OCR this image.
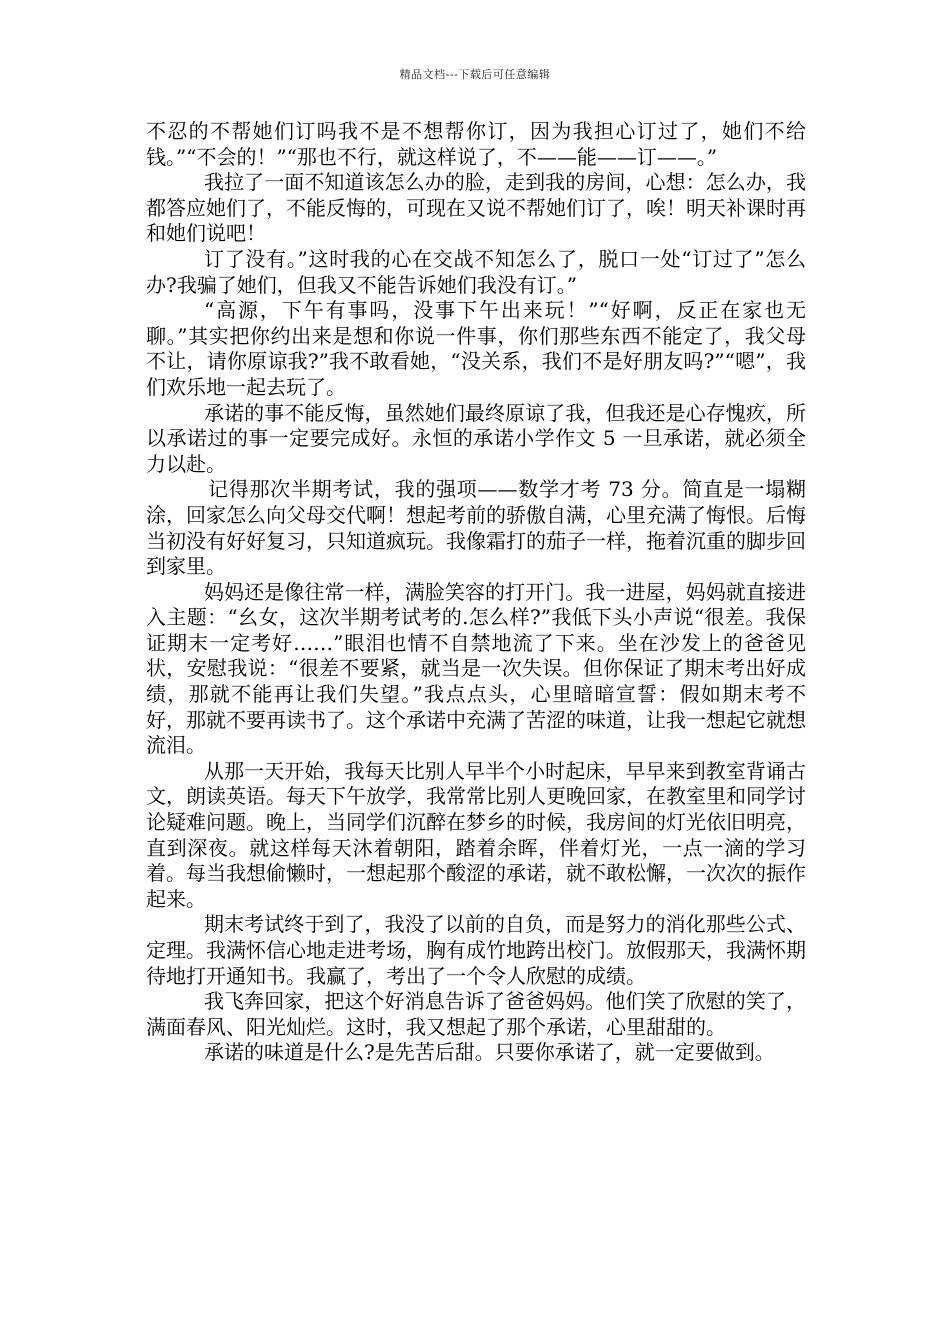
精品文档---下载后可任意编辑

不忍的不帮她们订吗我不是不想帮你订，因为我担心订过了，她们不给钱。”“不会的！”“那也不行，就这样说了，不——能——订——。”

我拉了一面不知道该怎么办的脸，走到我的房间，心想：怎么办，我都答应她们了，不能反悔的，可现在又说不帮她们订了，唉！明天补课时再和她们说吧！

订了没有。”这时我的心在交战不知怎么了，脱口一处“订过了”怎么办?我骗了她们，但我又不能告诉她们我没有订。”

“高源，下午有事吗，没事下午出来玩！”“好啊，反正在家也无聊。”其实把你约出来是想和你说一件事，你们那些东西不能定了，我父母不让，请你原谅我?”我不敢看她，“没关系，我们不是好朋友吗?”“嗯”，我们欢乐地一起去玩了。

承诺的事不能反悔，虽然她们最终原谅了我，但我还是心存愧疚，所以承诺过的事一定要完成好。永恒的承诺小学作文 5 一旦承诺，就必须全力以赴。

记得那次半期考试，我的强项——数学才考 73 分。简直是一塌糊涂，回家怎么向父母交代啊！想起考前的骄傲自满，心里充满了悔恨。后悔当初没有好好复习，只知道疯玩。我像霜打的茄子一样，拖着沉重的脚步回到家里。

妈妈还是像往常一样，满脸笑容的打开门。我一进屋，妈妈就直接进入主题：“幺女，这次半期考试考的.怎么样?”我低下头小声说“很差。我保证期末一定考好……”眼泪也情不自禁地流了下来。坐在沙发上的爸爸见状，安慰我说：“很差不要紧，就当是一次失误。但你保证了期末考出好成绩，那就不能再让我们失望。”我点点头，心里暗暗宣誓：假如期末考不好，那就不要再读书了。这个承诺中充满了苦涩的味道，让我一想起它就想流泪。

从那一天开始，我每天比别人早半个小时起床，早早来到教室背诵古文，朗读英语。每天下午放学，我常常比别人更晚回家，在教室里和同学讨论疑难问题。晚上，当同学们沉醉在梦乡的时候，我房间的灯光依旧明亮，直到深夜。就这样每天沐着朝阳，踏着余晖，伴着灯光，一点一滴的学习着。每当我想偷懒时，一想起那个酸涩的承诺，就不敢松懈，一次次的振作起来。

期末考试终于到了，我没了以前的自负，而是努力的消化那些公式、定理。我满怀信心地走进考场，胸有成竹地跨出校门。放假那天，我满怀期待地打开通知书。我赢了，考出了一个令人欣慰的成绩。

我飞奔回家，把这个好消息告诉了爸爸妈妈。他们笑了欣慰的笑了，满面春风、阳光灿烂。这时，我又想起了那个承诺，心里甜甜的。

承诺的味道是什么?是先苦后甜。只要你承诺了，就一定要做到。
